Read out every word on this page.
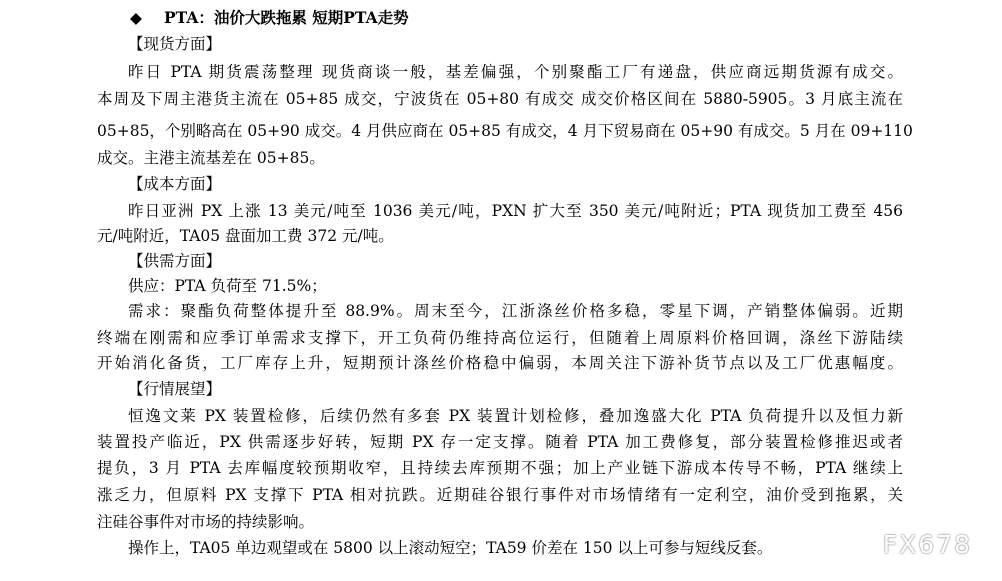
◆ PTA：油价大跌拖累 短期PTA走势
【现货方面】
昨日 PTA 期货震荡整理 现货商谈一般，基差偏强，个别聚酯工厂有递盘，供应商远期货源有成交。
本周及下周主港货主流在 05+85 成交，宁波货在 05+80 有成交 成交价格区间在 5880-5905。3 月底主流在
05+85，个别略高在 05+90 成交。4 月供应商在 05+85 有成交，4 月下贸易商在 05+90 有成交。5 月在 09+110
成交。主港主流基差在 05+85。
【成本方面】
昨日亚洲 PX 上涨 13 美元/吨至 1036 美元/吨，PXN 扩大至 350 美元/吨附近；PTA 现货加工费至 456
元/吨附近，TA05 盘面加工费 372 元/吨。
【供需方面】
供应：PTA 负荷至 71.5%；
需求：聚酯负荷整体提升至 88.9%。周末至今，江浙涤丝价格多稳，零星下调，产销整体偏弱。近期
终端在刚需和应季订单需求支撑下，开工负荷仍维持高位运行，但随着上周原料价格回调，涤丝下游陆续
开始消化备货，工厂库存上升，短期预计涤丝价格稳中偏弱，本周关注下游补货节点以及工厂优惠幅度。
【行情展望】
恒逸文莱 PX 装置检修，后续仍然有多套 PX 装置计划检修，叠加逸盛大化 PTA 负荷提升以及恒力新
装置投产临近，PX 供需逐步好转，短期 PX 存一定支撑。随着 PTA 加工费修复，部分装置检修推迟或者
提负，3 月 PTA 去库幅度较预期收窄，且持续去库预期不强；加上产业链下游成本传导不畅，PTA 继续上
涨乏力，但原料 PX 支撑下 PTA 相对抗跌。近期硅谷银行事件对市场情绪有一定利空，油价受到拖累，关
注硅谷事件对市场的持续影响。
操作上，TA05 单边观望或在 5800 以上滚动短空；TA59 价差在 150 以上可参与短线反套。	FX678
